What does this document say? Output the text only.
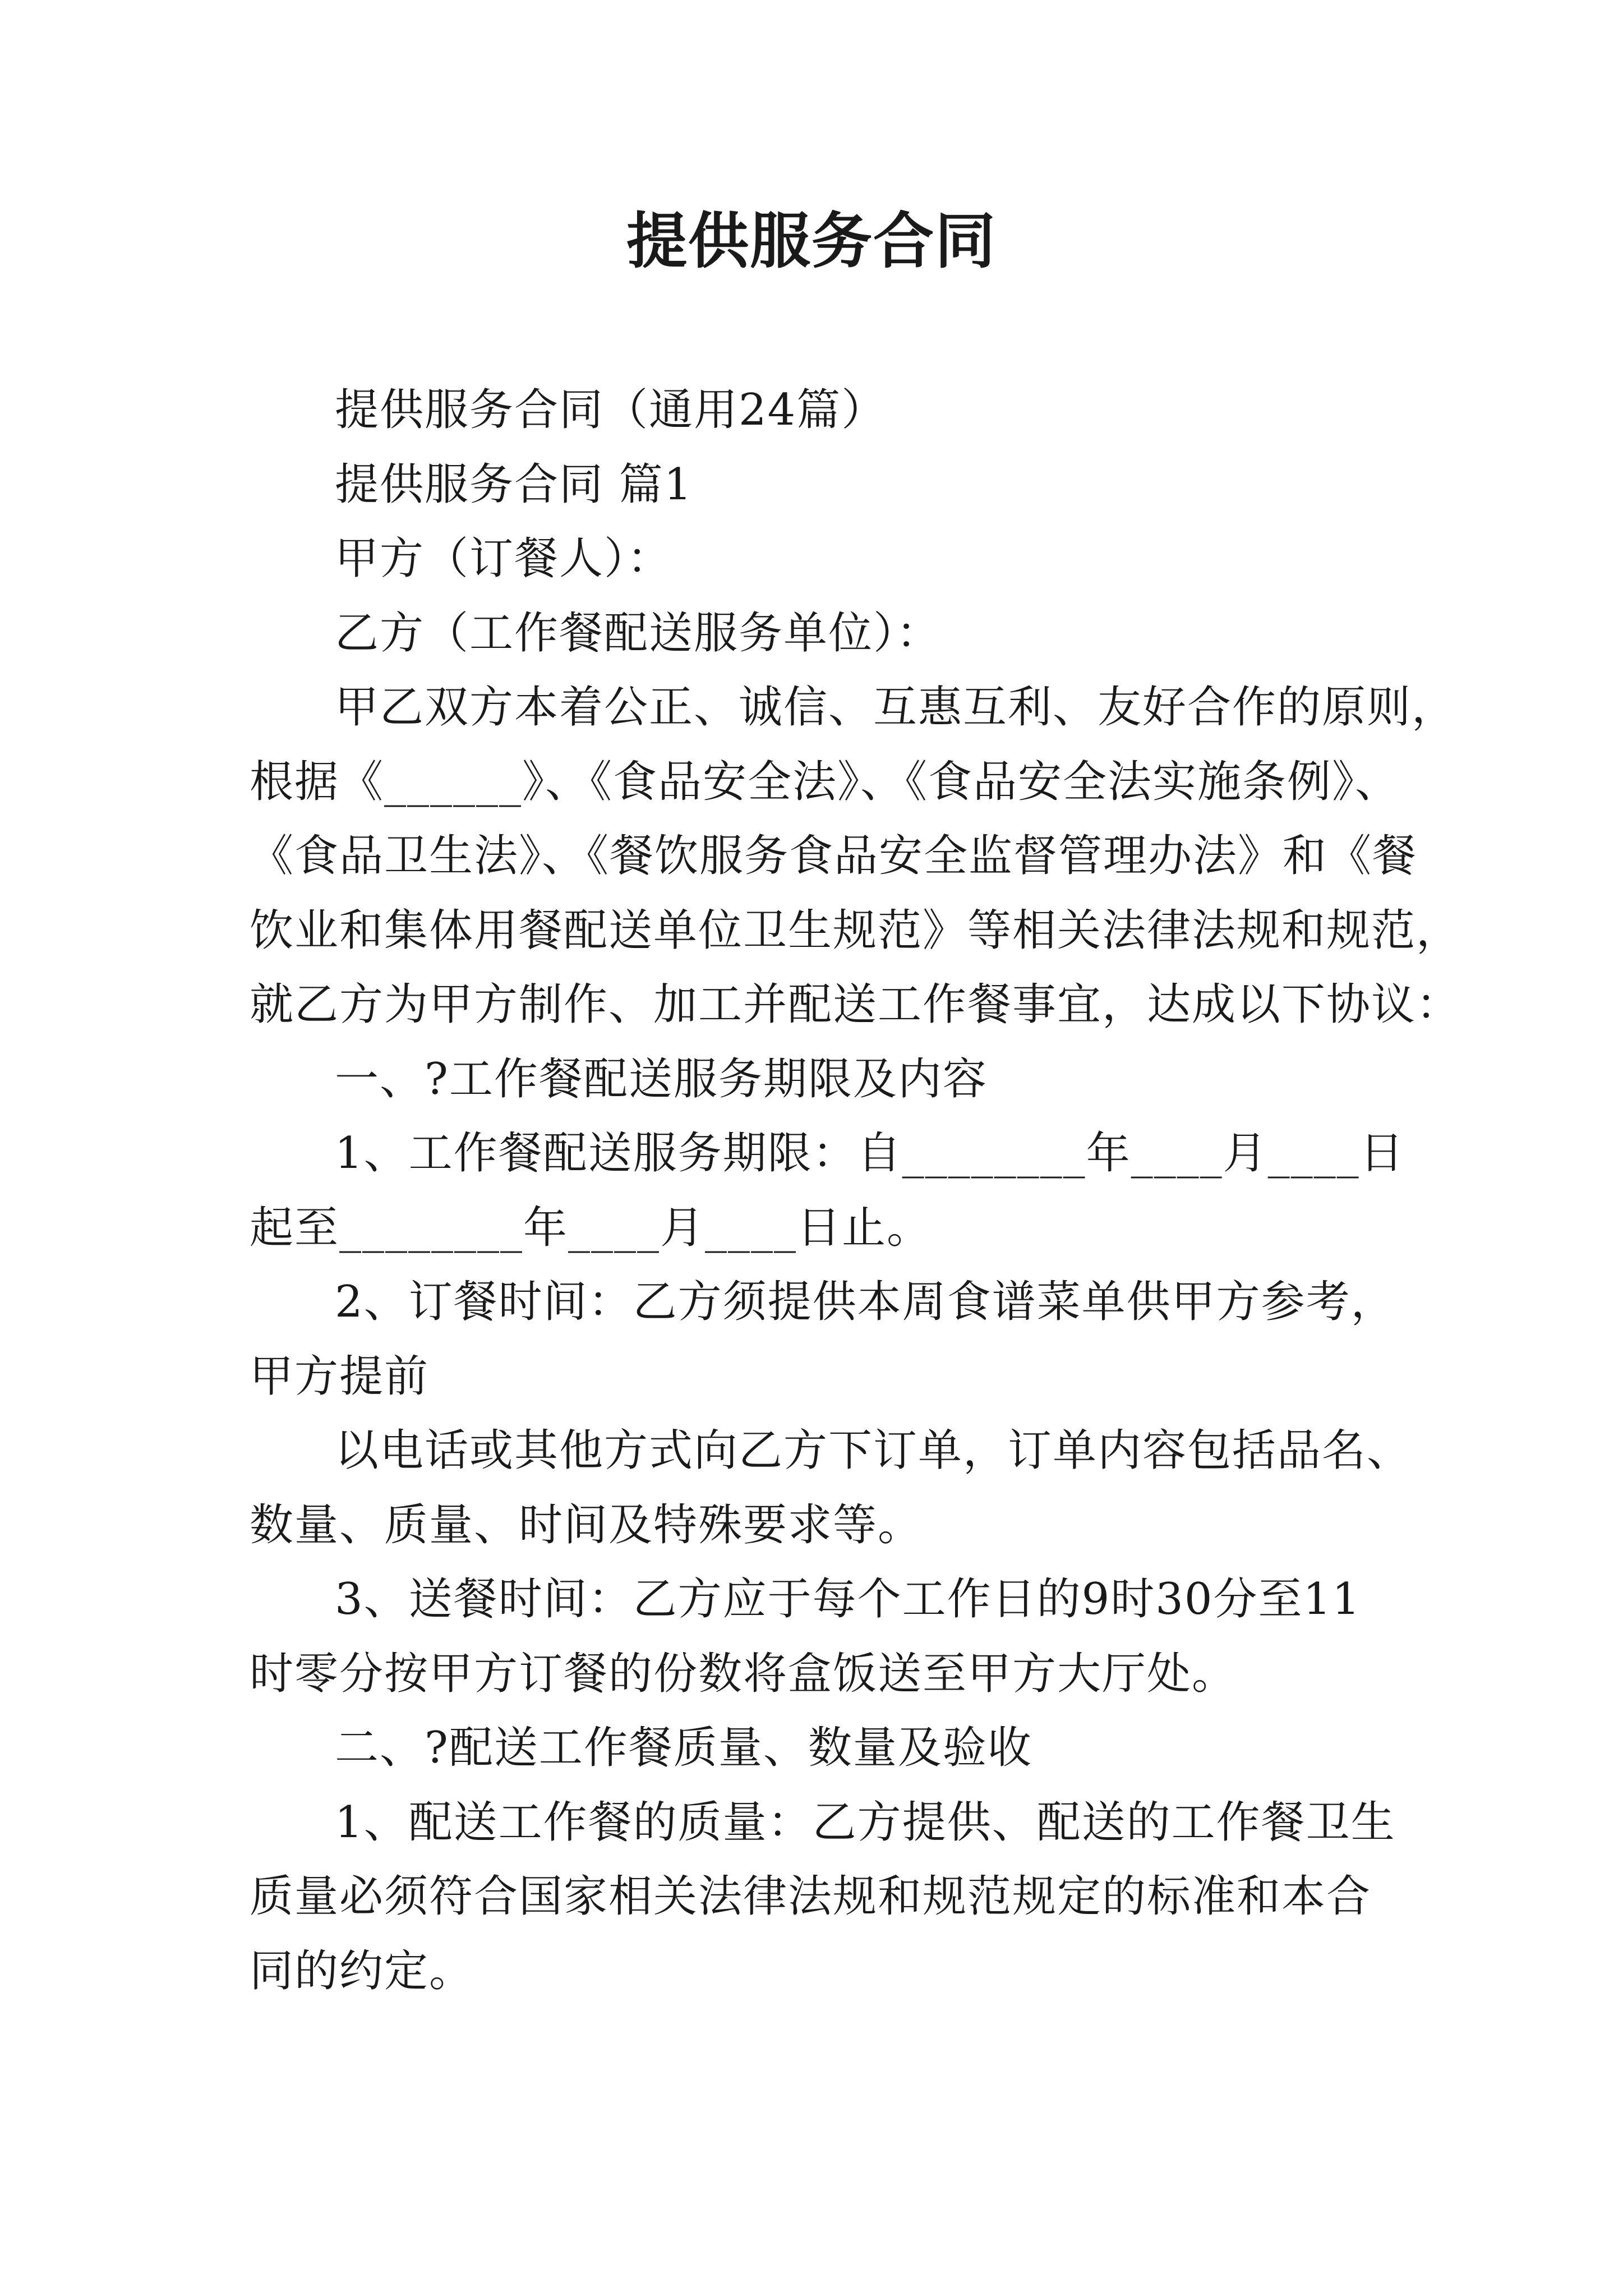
提供服务合同
提供服务合同（通用24篇）
提供服务合同 篇1
甲方（订餐人）：
乙方（工作餐配送服务单位）：
甲乙双方本着公正、诚信、互惠互利、友好合作的原则，
根据《______》、《食品安全法》、《食品安全法实施条例》、
《食品卫生法》、《餐饮服务食品安全监督管理办法》和《餐
饮业和集体用餐配送单位卫生规范》等相关法律法规和规范，
就乙方为甲方制作、加工并配送工作餐事宜，达成以下协议：
一、?工作餐配送服务期限及内容
1、工作餐配送服务期限：自________年____月____日
起至________年____月____日止。
2、订餐时间：乙方须提供本周食谱菜单供甲方参考，
甲方提前
以电话或其他方式向乙方下订单，订单内容包括品名、
数量、质量、时间及特殊要求等。
3、送餐时间：乙方应于每个工作日的9时30分至11
时零分按甲方订餐的份数将盒饭送至甲方大厅处。
二、?配送工作餐质量、数量及验收
1、配送工作餐的质量：乙方提供、配送的工作餐卫生
质量必须符合国家相关法律法规和规范规定的标准和本合
同的约定。
